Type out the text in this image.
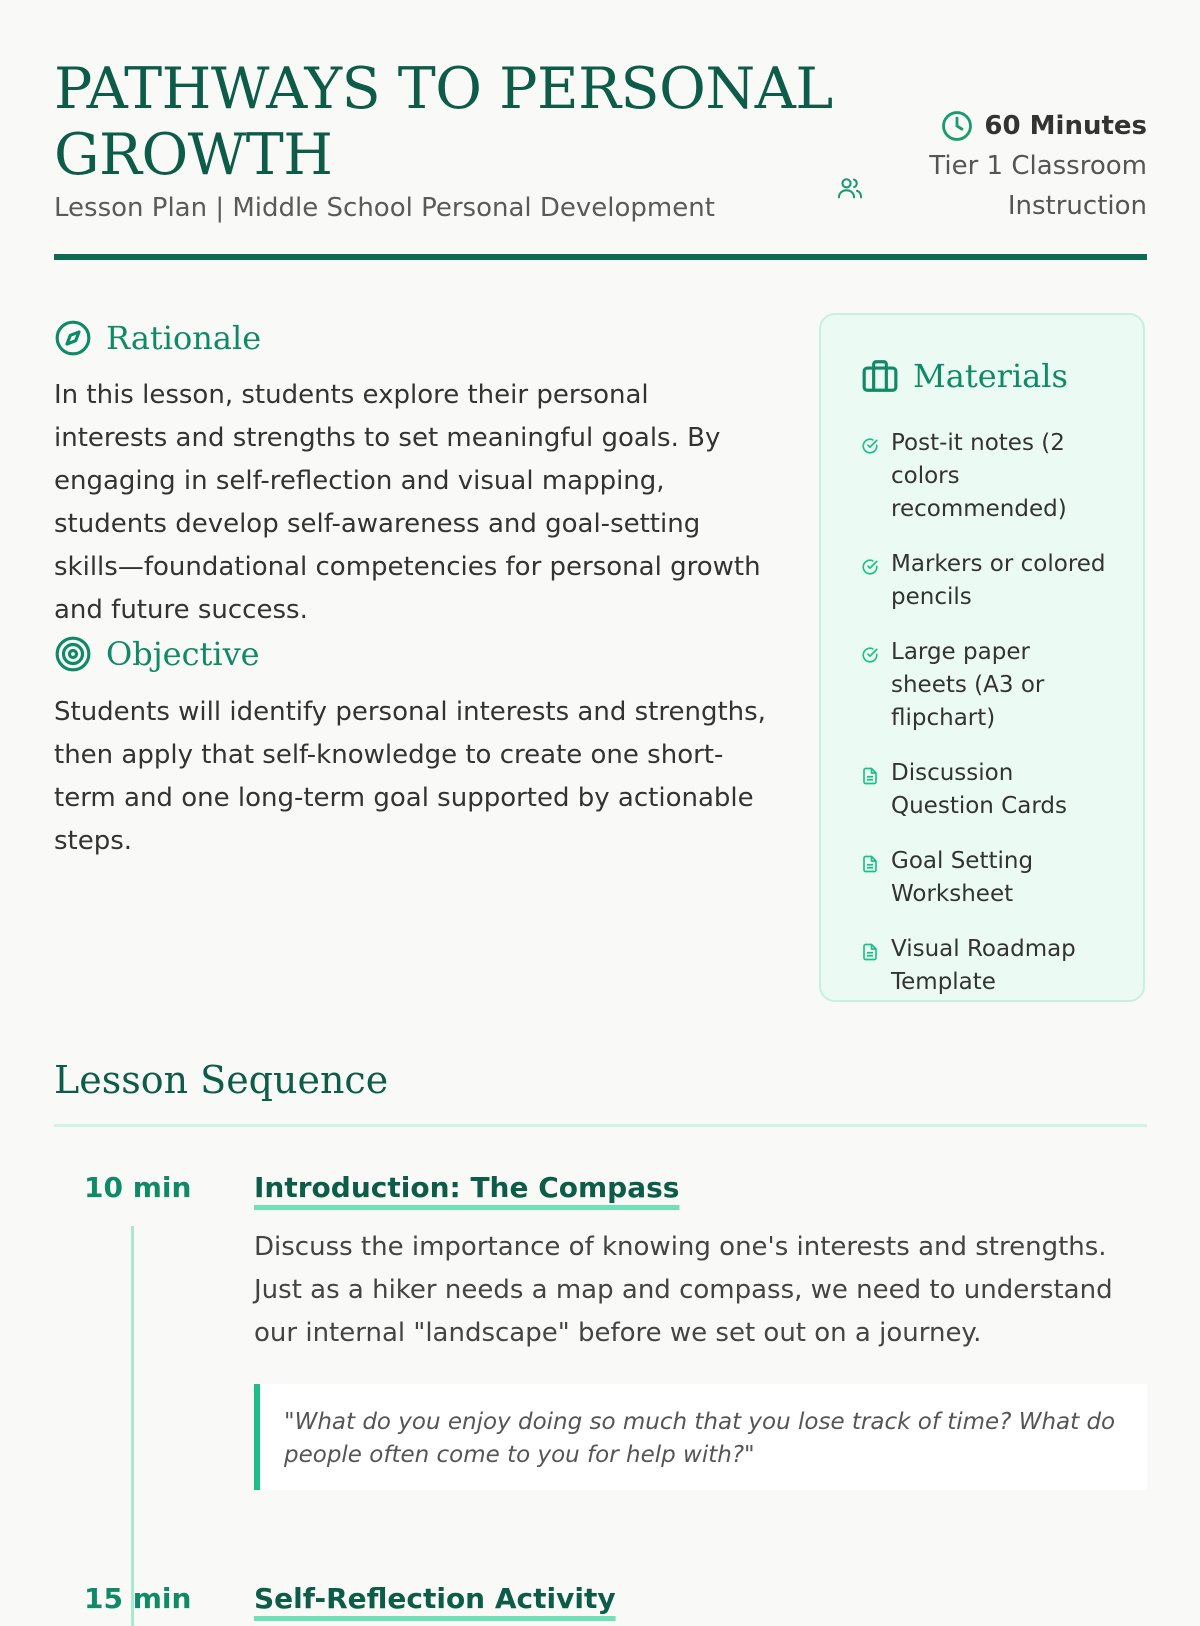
PATHWAYS TO PERSONAL GROWTH
Lesson Plan | Middle School Personal Development
60 Minutes
Tier 1 Classroom Instruction
Rationale
In this lesson, students explore their personal interests and strengths to set meaningful goals. By engaging in self-reflection and visual mapping, students develop self-awareness and goal-setting skills—foundational competencies for personal growth and future success.
Objective
Students will identify personal interests and strengths, then apply that self-knowledge to create one short-term and one long-term goal supported by actionable steps.
Materials
Post-it notes (2 colors recommended)
Markers or colored pencils
Large paper sheets (A3 or flipchart)
Discussion Question Cards
Goal Setting Worksheet
Visual Roadmap Template
Lesson Sequence
10 min Introduction: The Compass
Discuss the importance of knowing one's interests and strengths. Just as a hiker needs a map and compass, we need to understand our internal "landscape" before we set out on a journey.
"What do you enjoy doing so much that you lose track of time? What do people often come to you for help with?"
15 min Self-Reflection Activity
